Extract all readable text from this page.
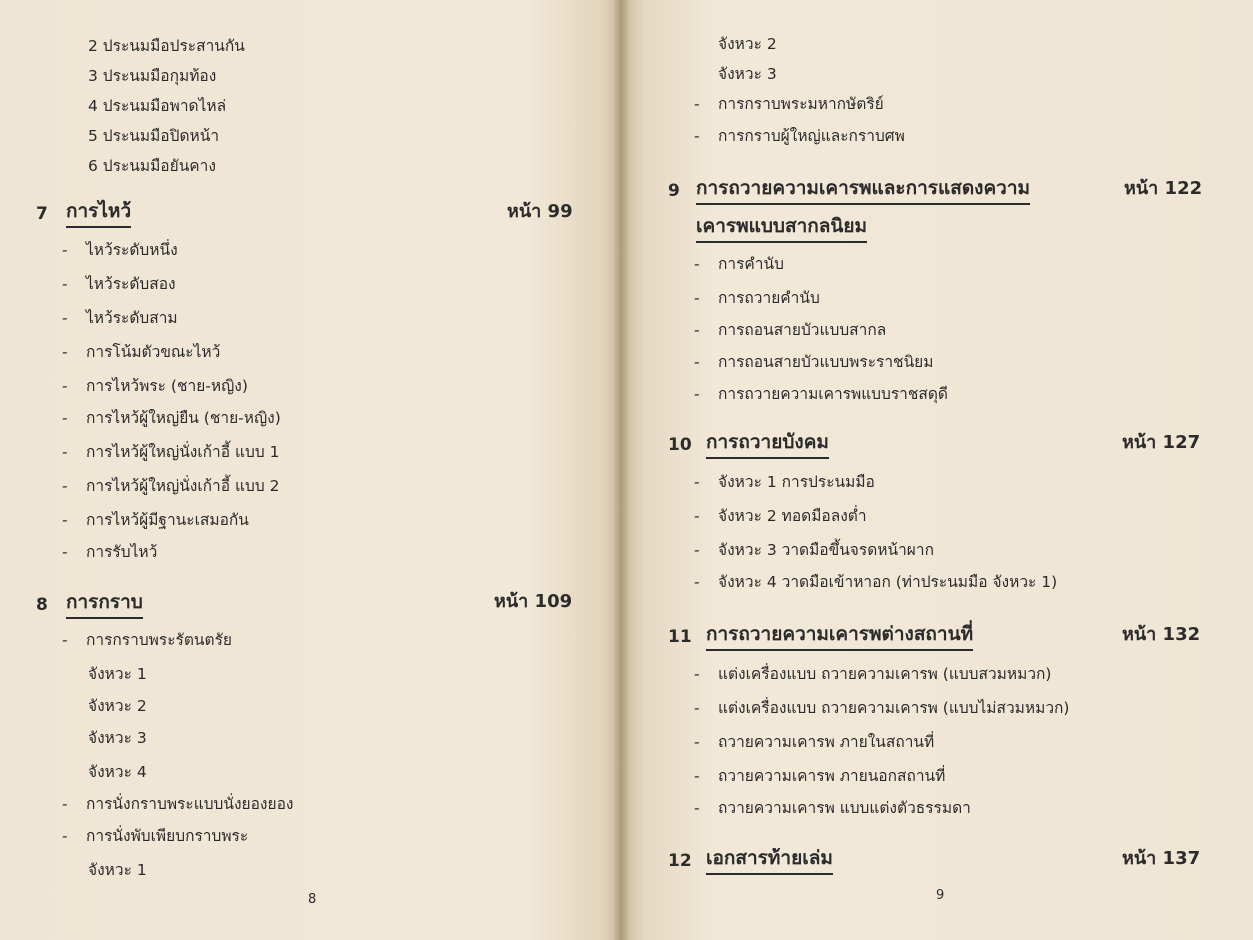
2 ประนมมือประสานกัน
3 ประนมมือกุมท้อง
4 ประนมมือพาดไหล่
5 ประนมมือปิดหน้า
6 ประนมมือยันคาง
7 การไหว้	หน้า 99
- ไหว้ระดับหนึ่ง
- ไหว้ระดับสอง
- ไหว้ระดับสาม
- การโน้มตัวขณะไหว้
- การไหว้พระ (ชาย-หญิง)
- การไหว้ผู้ใหญ่ยืน (ชาย-หญิง)
- การไหว้ผู้ใหญ่นั่งเก้าอี้ แบบ 1
- การไหว้ผู้ใหญ่นั่งเก้าอี้ แบบ 2
- การไหว้ผู้มีฐานะเสมอกัน
- การรับไหว้
8 การกราบ	หน้า 109
- การกราบพระรัตนตรัย
จังหวะ 1
จังหวะ 2
จังหวะ 3
จังหวะ 4
- การนั่งกราบพระแบบนั่งยองยอง
- การนั่งพับเพียบกราบพระ
จังหวะ 1
8
จังหวะ 2
จังหวะ 3
- การกราบพระมหากษัตริย์
- การกราบผู้ใหญ่และกราบศพ
9 การถวายความเคารพและการแสดงความ
เคารพแบบสากลนิยม
หน้า 122
- การคำนับ
- การถวายคำนับ
- การถอนสายบัวแบบสากล
- การถอนสายบัวแบบพระราชนิยม
- การถวายความเคารพแบบราชสดุดี
10 การถวายบังคม	หน้า 127
- จังหวะ 1 การประนมมือ
- จังหวะ 2 ทอดมือลงต่ำ
- จังหวะ 3 วาดมือขึ้นจรดหน้าผาก
- จังหวะ 4 วาดมือเข้าหาอก (ท่าประนมมือ จังหวะ 1)
11 การถวายความเคารพต่างสถานที่	หน้า 132
- แต่งเครื่องแบบ ถวายความเคารพ (แบบสวมหมวก)
- แต่งเครื่องแบบ ถวายความเคารพ (แบบไม่สวมหมวก)
- ถวายความเคารพ ภายในสถานที่
- ถวายความเคารพ ภายนอกสถานที่
- ถวายความเคารพ แบบแต่งตัวธรรมดา
12 เอกสารท้ายเล่ม	หน้า 137
9
